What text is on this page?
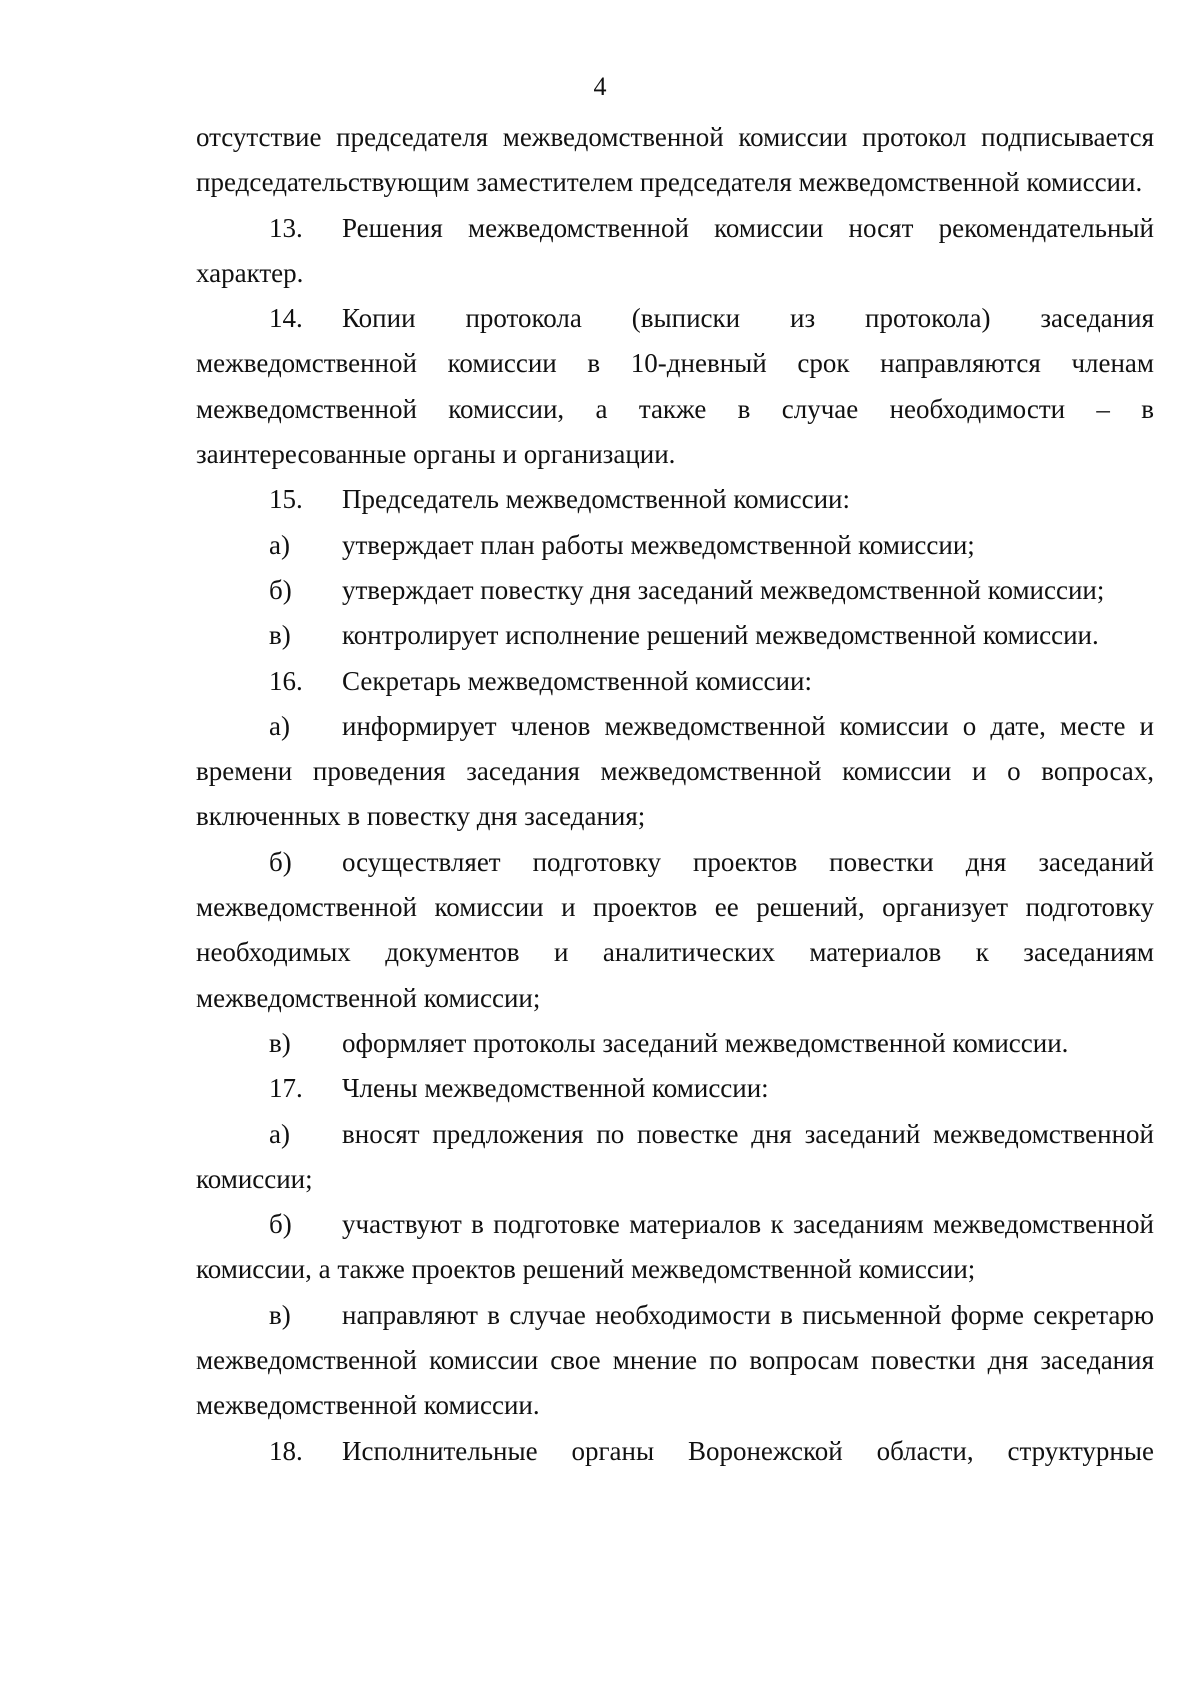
4

отсутствие председателя межведомственной комиссии протокол подписывается председательствующим заместителем председателя межведомственной комиссии.

13. Решения межведомственной комиссии носят рекомендательный характер.

14. Копии протокола (выписки из протокола) заседания межведомственной комиссии в 10-дневный срок направляются членам межведомственной комиссии, а также в случае необходимости – в заинтересованные органы и организации.

15. Председатель межведомственной комиссии:

а) утверждает план работы межведомственной комиссии;

б) утверждает повестку дня заседаний межведомственной комиссии;

в) контролирует исполнение решений межведомственной комиссии.

16. Секретарь межведомственной комиссии:

а) информирует членов межведомственной комиссии о дате, месте и времени проведения заседания межведомственной комиссии и о вопросах, включенных в повестку дня заседания;

б) осуществляет подготовку проектов повестки дня заседаний межведомственной комиссии и проектов ее решений, организует подготовку необходимых документов и аналитических материалов к заседаниям межведомственной комиссии;

в) оформляет протоколы заседаний межведомственной комиссии.

17. Члены межведомственной комиссии:

а) вносят предложения по повестке дня заседаний межведомственной комиссии;

б) участвуют в подготовке материалов к заседаниям межведомственной комиссии, а также проектов решений межведомственной комиссии;

в) направляют в случае необходимости в письменной форме секретарю межведомственной комиссии свое мнение по вопросам повестки дня заседания межведомственной комиссии.

18. Исполнительные органы Воронежской области, структурные
